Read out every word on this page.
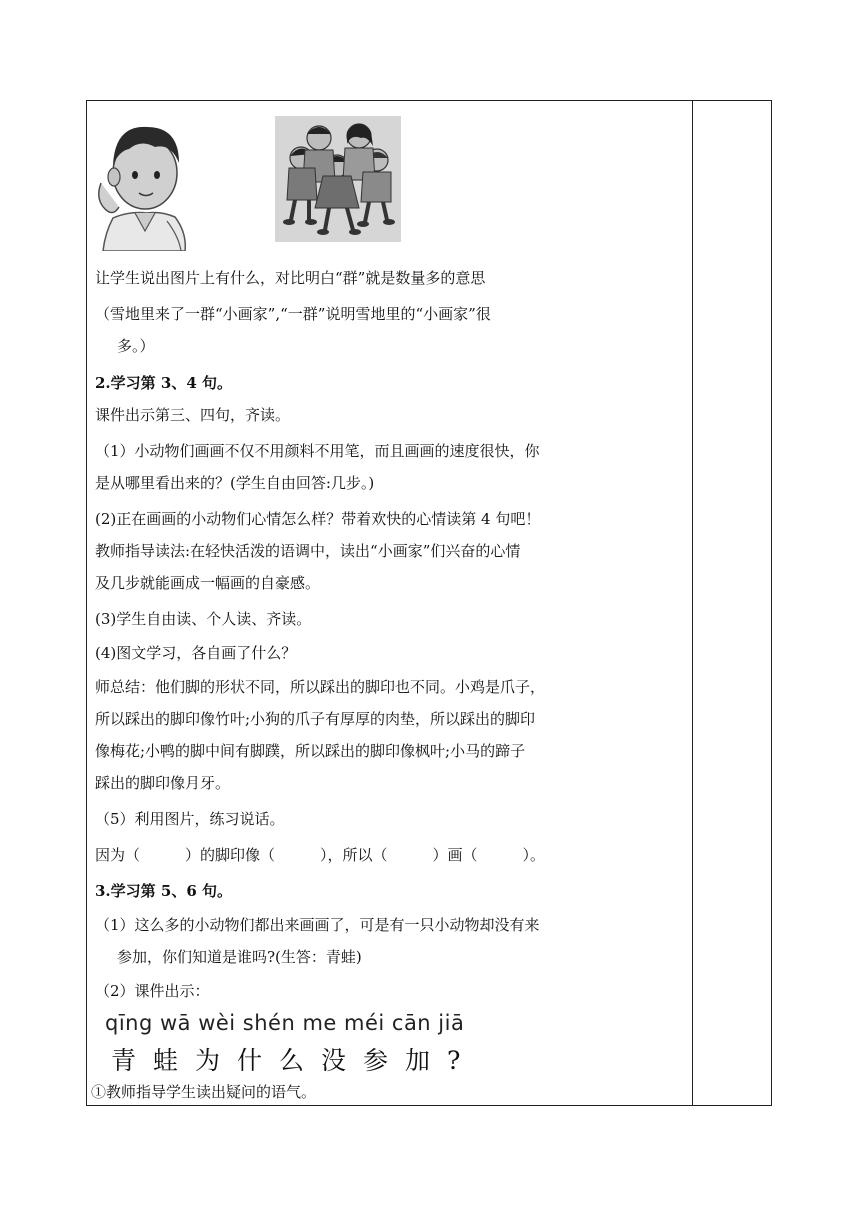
让学生说出图片上有什么，对比明白“群”就是数量多的意思
（雪地里来了一群“小画家”,“一群”说明雪地里的“小画家”很
多。）
2.学习第 3、4 句。
课件出示第三、四句，齐读。
（1）小动物们画画不仅不用颜料不用笔，而且画画的速度很快，你
是从哪里看出来的？(学生自由回答:几步。)
(2)正在画画的小动物们心情怎么样？带着欢快的心情读第 4 句吧！
教师指导读法:在轻快活泼的语调中，读出“小画家”们兴奋的心情
及几步就能画成一幅画的自豪感。
(3)学生自由读、个人读、齐读。
(4)图文学习，各自画了什么？
师总结：他们脚的形状不同，所以踩出的脚印也不同。小鸡是爪子，
所以踩出的脚印像竹叶;小狗的爪子有厚厚的肉垫，所以踩出的脚印
像梅花;小鸭的脚中间有脚蹼，所以踩出的脚印像枫叶;小马的蹄子
踩出的脚印像月牙。
（5）利用图片，练习说话。
因为（　　　）的脚印像（　　　），所以（　　　）画（　　　）。
3.学习第 5、6 句。
（1）这么多的小动物们都出来画画了，可是有一只小动物却没有来
参加，你们知道是谁吗?(生答：青蛙)
（2）课件出示：
qīng wā wèi shén me méi cān jiā
青蛙为什么没参加?
①教师指导学生读出疑问的语气。
